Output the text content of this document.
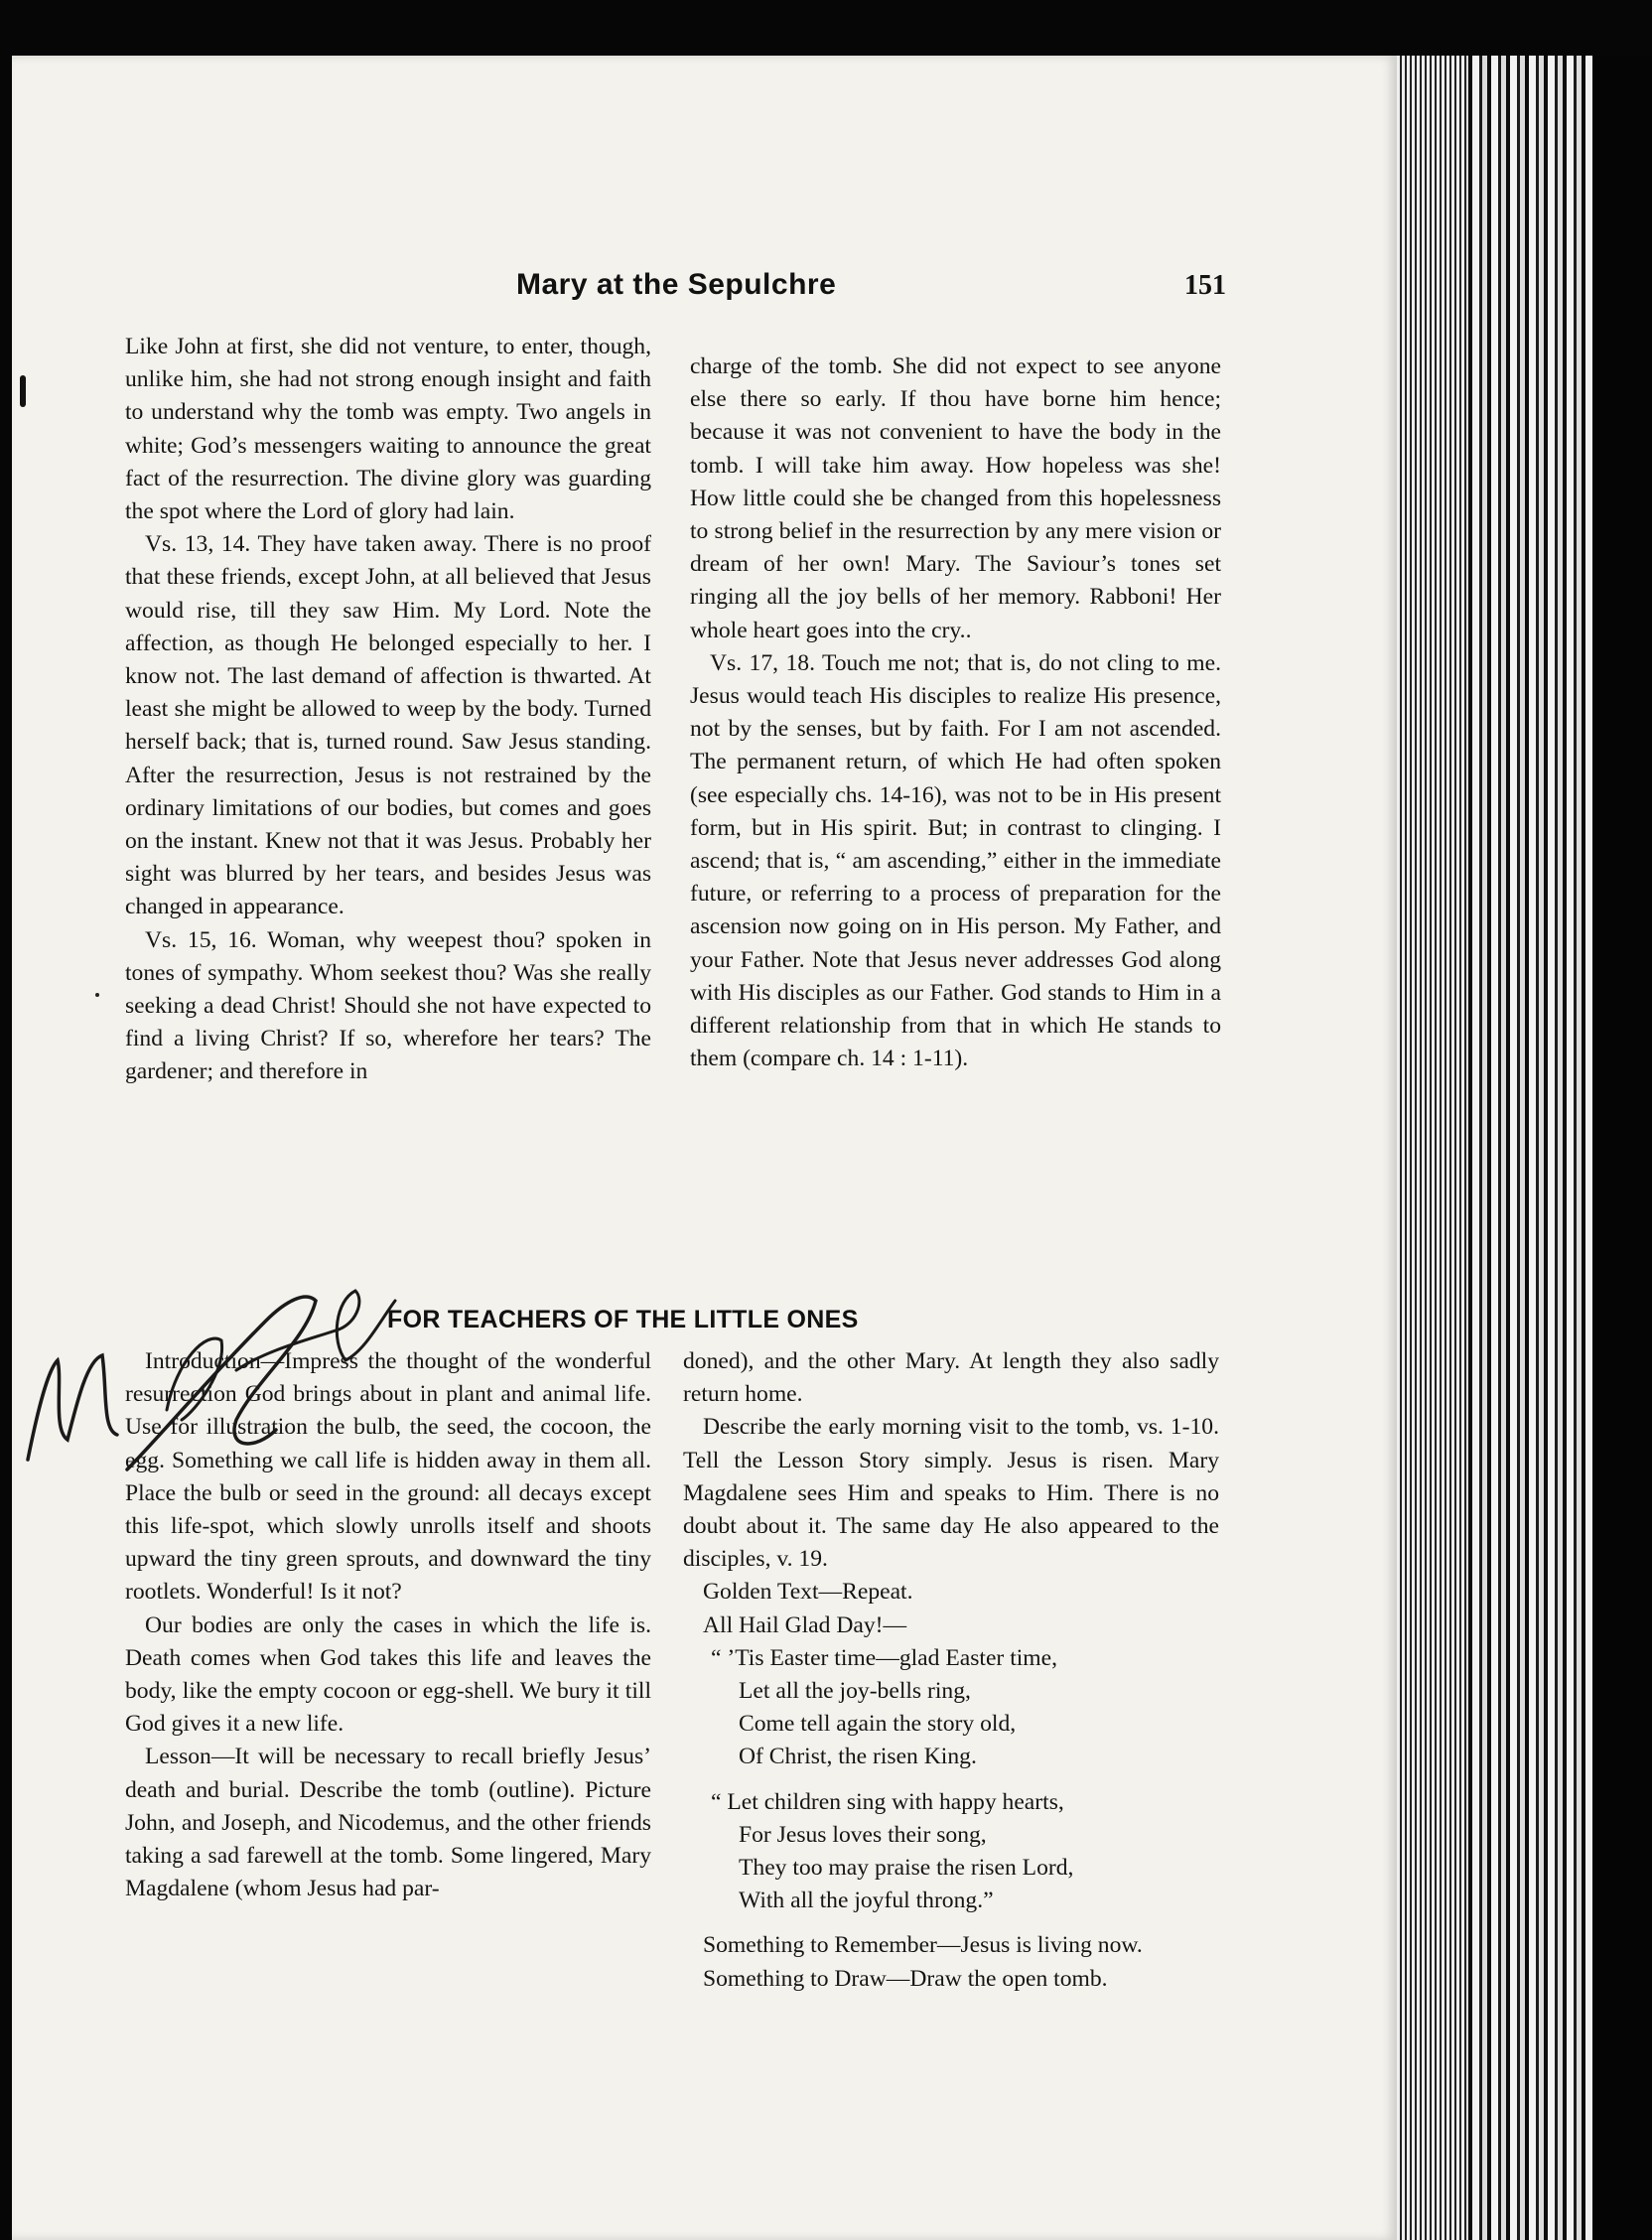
Mary at the Sepulchre	151

Like John at first, she did not venture, to enter, though, unlike him, she had not strong enough insight and faith to understand why the tomb was empty. Two angels in white; God’s messengers waiting to announce the great fact of the resurrection. The divine glory was guarding the spot where the Lord of glory had lain.

Vs. 13, 14. They have taken away. There is no proof that these friends, except John, at all believed that Jesus would rise, till they saw Him. My Lord. Note the affection, as though He belonged especially to her. I know not. The last demand of affection is thwarted. At least she might be allowed to weep by the body. Turned herself back; that is, turned round. Saw Jesus standing. After the resurrection, Jesus is not restrained by the ordinary limitations of our bodies, but comes and goes on the instant. Knew not that it was Jesus. Probably her sight was blurred by her tears, and besides Jesus was changed in appearance.

Vs. 15, 16. Woman, why weepest thou? spoken in tones of sympathy. Whom seekest thou? Was she really seeking a dead Christ! Should she not have expected to find a living Christ? If so, wherefore her tears? The gardener; and therefore in

charge of the tomb. She did not expect to see anyone else there so early. If thou have borne him hence; because it was not convenient to have the body in the tomb. I will take him away. How hopeless was she! How little could she be changed from this hopelessness to strong belief in the resurrection by any mere vision or dream of her own! Mary. The Saviour’s tones set ringing all the joy bells of her memory. Rabboni! Her whole heart goes into the cry..

Vs. 17, 18. Touch me not; that is, do not cling to me. Jesus would teach His disciples to realize His presence, not by the senses, but by faith. For I am not ascended. The permanent return, of which He had often spoken (see especially chs. 14-16), was not to be in His present form, but in His spirit. But; in contrast to clinging. I ascend; that is, “ am ascending,” either in the immediate future, or referring to a process of preparation for the ascension now going on in His person. My Father, and your Father. Note that Jesus never addresses God along with His disciples as our Father. God stands to Him in a different relationship from that in which He stands to them (compare ch. 14 : 1-11).

FOR TEACHERS OF THE LITTLE ONES

Introduction—Impress the thought of the wonderful resurrection God brings about in plant and animal life. Use for illustration the bulb, the seed, the cocoon, the egg. Something we call life is hidden away in them all. Place the bulb or seed in the ground: all decays except this life-spot, which slowly unrolls itself and shoots upward the tiny green sprouts, and downward the tiny rootlets. Wonderful! Is it not?

Our bodies are only the cases in which the life is. Death comes when God takes this life and leaves the body, like the empty cocoon or egg-shell. We bury it till God gives it a new life.

Lesson—It will be necessary to recall briefly Jesus’ death and burial. Describe the tomb (outline). Picture John, and Joseph, and Nicodemus, and the other friends taking a sad farewell at the tomb. Some lingered, Mary Magdalene (whom Jesus had par-

doned), and the other Mary. At length they also sadly return home.

Describe the early morning visit to the tomb, vs. 1-10. Tell the Lesson Story simply. Jesus is risen. Mary Magdalene sees Him and speaks to Him. There is no doubt about it. The same day He also appeared to the disciples, v. 19.

Golden Text—Repeat.

All Hail Glad Day!—

“ ’Tis Easter time—glad Easter time,
Let all the joy-bells ring,
Come tell again the story old,
Of Christ, the risen King.
“ Let children sing with happy hearts,
For Jesus loves their song,
They too may praise the risen Lord,
With all the joyful throng.”

Something to Remember—Jesus is living now.

Something to Draw—Draw the open tomb.
